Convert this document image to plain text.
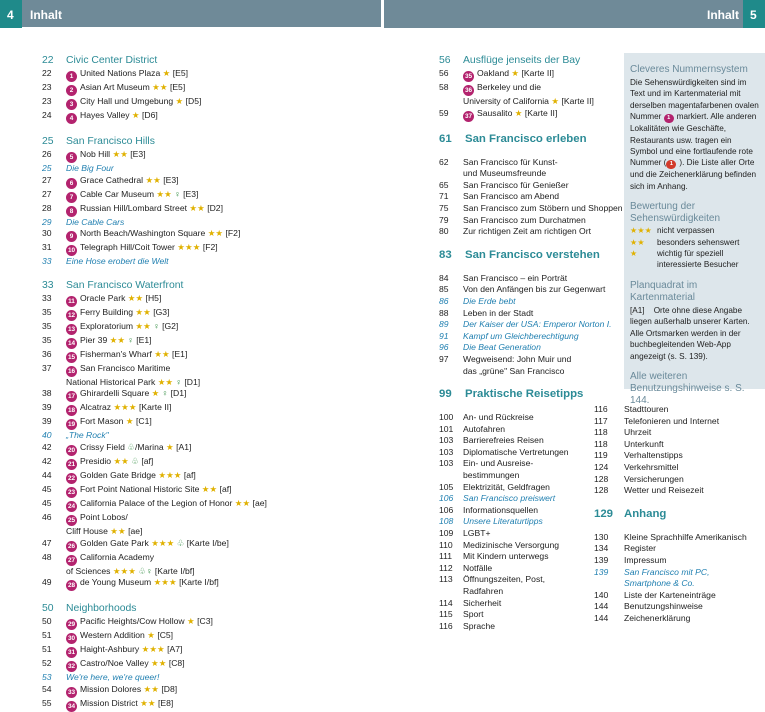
4 Inhalt	Inhalt 5
22	Civic Center District
22	1 United Nations Plaza ★ [E5]
23	2 Asian Art Museum ★★ [E5]
23	3 City Hall und Umgebung ★ [D5]
24	4 Hayes Valley ★ [D6]
25	San Francisco Hills
26	5 Nob Hill ★★ [E3]
25	Die Big Four
27	6 Grace Cathedral ★★ [E3]
27	7 Cable Car Museum ★★ ♀ [E3]
28	8 Russian Hill/Lombard Street ★★ [D2]
29	Die Cable Cars
30	9 North Beach/Washington Square ★★ [F2]
31	10 Telegraph Hill/Coit Tower ★★★ [F2]
33	Eine Hose erobert die Welt
33	San Francisco Waterfront
33	11 Oracle Park ★★ [H5]
35	12 Ferry Building ★★ [G3]
35	13 Exploratorium ★★ ♀ [G2]
35	14 Pier 39 ★★ ♀ [E1]
36	15 Fisherman's Wharf ★★ [E1]
37	16 San Francisco Maritime
National Historical Park ★★ ♀ [D1]
38	17 Ghirardelli Square ★ ♀ [D1]
39	18 Alcatraz ★★★ [Karte II]
39	19 Fort Mason ★ [C1]
40	„The Rock"
42	20 Crissy Field ♧/Marina ★ [A1]
42	21 Presidio ★★ ♧ [af]
44	22 Golden Gate Bridge ★★★ [af]
45	23 Fort Point National Historic Site ★★ [af]
45	24 California Palace of the Legion of Honor ★★ [ae]
46	25 Point Lobos/
Cliff House ★★ [ae]
47	26 Golden Gate Park ★★★ ♧ [Karte I/be]
48	27 California Academy
of Sciences ★★★ ♧♀ [Karte I/bf]
49	28 de Young Museum ★★★ [Karte I/bf]
50	Neighborhoods
50	29 Pacific Heights/Cow Hollow ★ [C3]
51	30 Western Addition ★ [C5]
51	31 Haight-Ashbury ★★★ [A7]
52	32 Castro/Noe Valley ★★ [C8]
53	We're here, we're queer!
54	33 Mission Dolores ★★ [D8]
55	34 Mission District ★★ [E8]
56	Ausflüge jenseits der Bay
56	35 Oakland ★ [Karte II]
58	36 Berkeley und die
University of California ★ [Karte II]
59	37 Sausalito ★ [Karte II]
61	San Francisco erleben
62	San Francisco für Kunst-
und Museumsfreunde
65	San Francisco für Genießer
71	San Francisco am Abend
75	San Francisco zum Stöbern und Shoppen
79	San Francisco zum Durchatmen
80	Zur richtigen Zeit am richtigen Ort
83	San Francisco verstehen
84	San Francisco – ein Porträt
85	Von den Anfängen bis zur Gegenwart
86	Die Erde bebt
88	Leben in der Stadt
89	Der Kaiser der USA: Emperor Norton I.
91	Kampf um Gleichberechtigung
96	Die Beat Generation
97	Wegweisend: John Muir und
das „grüne" San Francisco
99	Praktische Reisetipps
100	An- und Rückreise
101	Autofahren
103	Barrierefreies Reisen
103	Diplomatische Vertretungen
103	Ein- und Ausreise-
bestimmungen
105	Elektrizität, Geldfragen
106	San Francisco preiswert
106	Informationsquellen
108	Unsere Literaturtipps
109	LGBT+
110	Medizinische Versorgung
111	Mit Kindern unterwegs
112	Notfälle
113	Öffnungszeiten, Post,
Radfahren
114	Sicherheit
115	Sport
116	Sprache
116	Stadttouren
117	Telefonieren und Internet
118	Uhrzeit
118	Unterkunft
119	Verhaltenstipps
124	Verkehrsmittel
128	Versicherungen
128	Wetter und Reisezeit
129 Anhang
130	Kleine Sprachhilfe Amerikanisch
134	Register
139	Impressum
139	San Francisco mit PC,
Smartphone & Co.
140	Liste der Karteneinträge
144	Benutzungshinweise
144	Zeichenerklärung
Cleveres Nummernsystem
Die Sehenswürdigkeiten sind im Text und im Kartenmaterial mit derselben magentafarbenen ovalen Nummer 1 markiert. Alle anderen Lokalitäten wie Geschäfte, Restaurants usw. tragen ein Symbol und eine fortlaufende rote Nummer ( 1 ). Die Liste aller Orte und die Zeichenerklärung befinden sich im Anhang.
Bewertung der Sehenswürdigkeiten
★★★ nicht verpassen
★★	besonders sehenswert
★	wichtig für speziell interessierte Besucher
Planquadrat im Kartenmaterial
[A1] Orte ohne diese Angabe liegen außerhalb unserer Karten. Alle Ortsmarken werden in der buchbegleitenden Web-App angezeigt (s. S. 139).
Alle weiteren Benutzungshinweise s. S. 144.
